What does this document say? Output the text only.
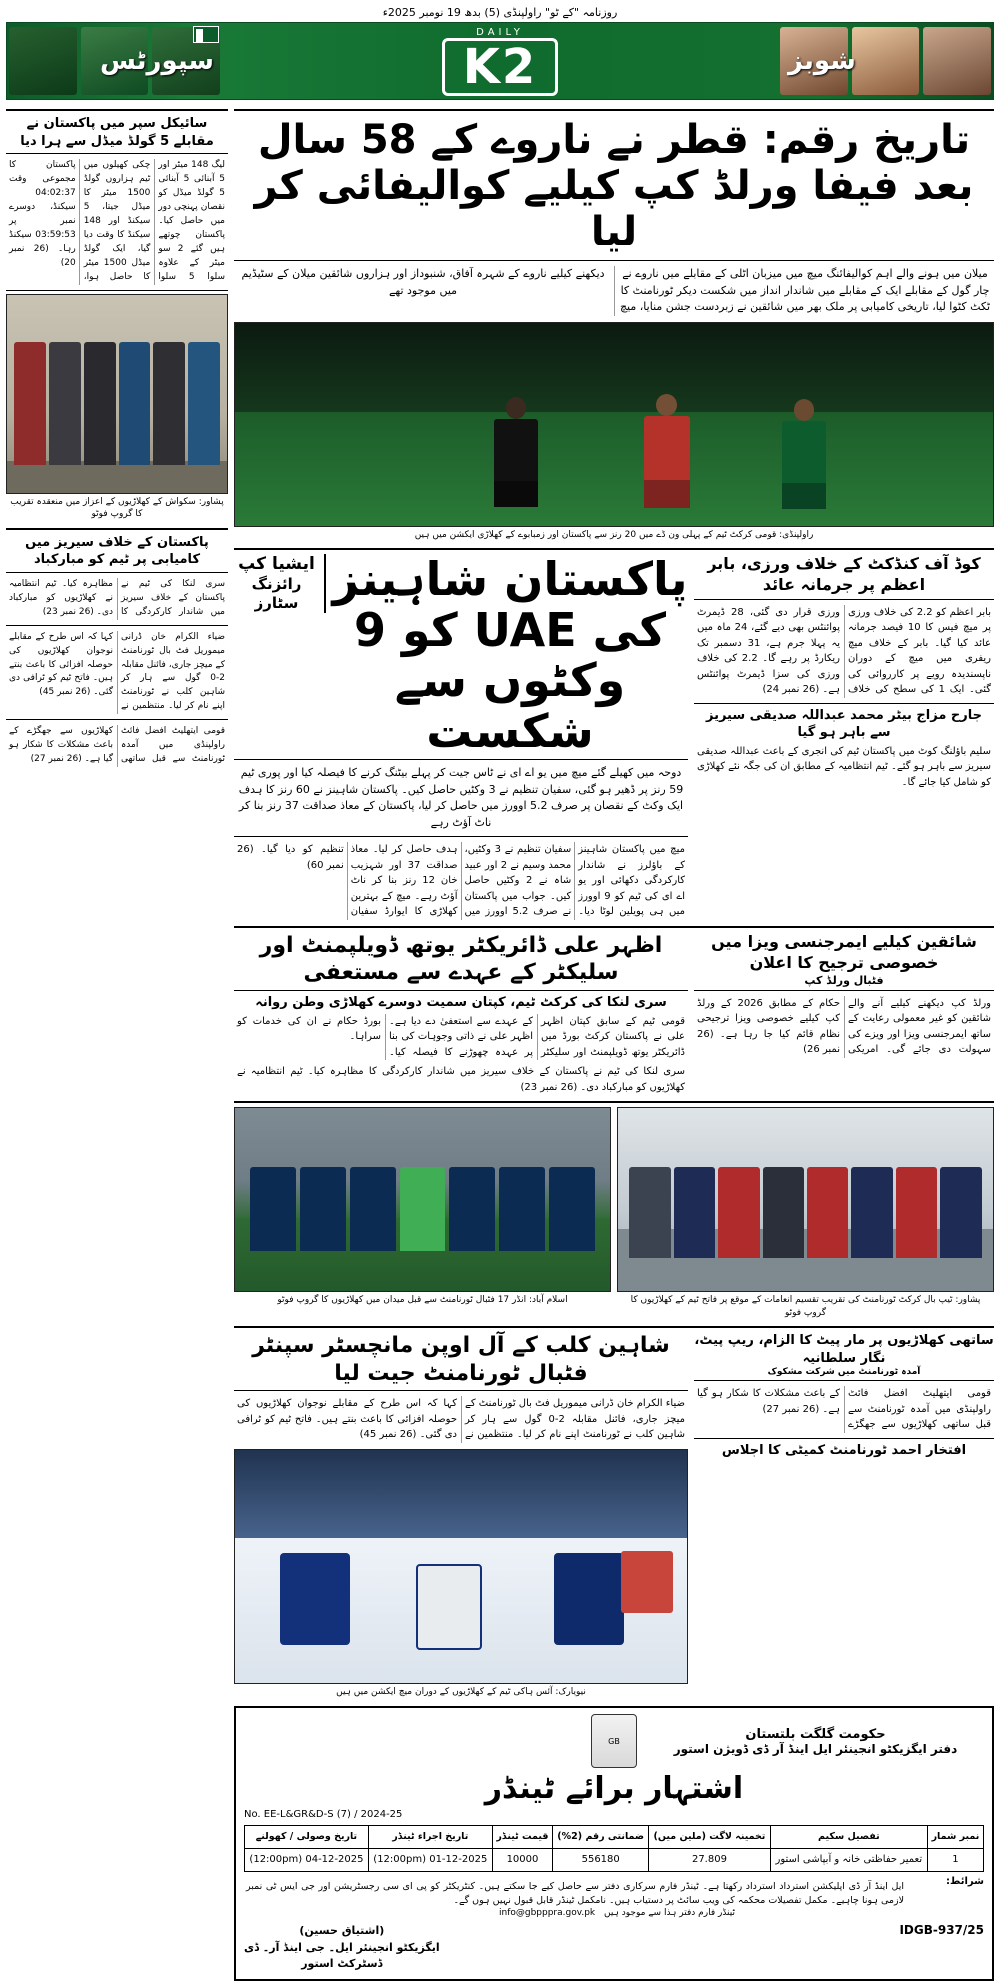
روزنامہ "کے ٹو" راولپنڈی (5) بدھ 19 نومبر 2025ء
شوبز
DAILY
K2
سپورٹس
تاریخ رقم: قطر نے ناروے کے 58 سال بعد فیفا ورلڈ کپ کیلیے کوالیفائی کر لیا
میلان میں ہونے والے اہم کوالیفائنگ میچ میں میزبان اٹلی کے مقابلے میں ناروے نے چار گول کے مقابلے ایک کے مقابلے میں شاندار انداز میں شکست دیکر ٹورنامنٹ کا ٹکٹ کٹوا لیا، تاریخی کامیابی پر ملک بھر میں شائقین نے زبردست جشن منایا، میچ دیکھنے کیلیے ناروے کے شہرہ آفاق، شنبوداز اور ہزاروں شائقین میلان کے سٹیڈیم میں موجود تھے
راولپنڈی: قومی کرکٹ ٹیم کے پہلی ون ڈے میں 20 رنز سے پاکستان اور زمبابوے کے کھلاڑی ایکشن میں ہیں
کوڈ آف کنڈکٹ کے خلاف ورزی، بابر اعظم پر جرمانہ عائد
بابر اعظم کو 2.2 کی خلاف ورزی پر میچ فیس کا 10 فیصد جرمانہ عائد کیا گیا۔ بابر کے خلاف میچ ریفری میں میچ کے دوران ناپسندیدہ رویے پر کارروائی کی گئی۔ ایک 1 کی سطح کی خلاف ورزی قرار دی گئی، 28 ڈیمرٹ پوائنٹس بھی دیے گئے، 24 ماہ میں یہ پہلا جرم ہے، 31 دسمبر تک ریکارڈ پر رہے گا۔ 2.2 کی خلاف ورزی کی سزا ڈیمرٹ پوائنٹس ہے۔ (26 نمبر 24)
جارح مزاج بیٹر محمد عبداللہ صدیقی سیریز سے باہر ہو گیا
سلیم باؤلنگ کوٹ میں پاکستان ٹیم کی انجری کے باعث عبداللہ صدیقی سیریز سے باہر ہو گئے۔ ٹیم انتظامیہ کے مطابق ان کی جگہ نئے کھلاڑی کو شامل کیا جائے گا۔
پاکستان شاہینز کی UAE کو 9 وکٹوں سے شکست
ایشیا کپ
رائزنگ سٹارز
دوحہ میں کھیلے گئے میچ میں یو اے ای نے ٹاس جیت کر پہلے بیٹنگ کرنے کا فیصلہ کیا اور پوری ٹیم 59 رنز پر ڈھیر ہو گئی، سفیان تنظیم نے 3 وکٹیں حاصل کیں۔ پاکستان شاہینز نے 60 رنز کا ہدف ایک وکٹ کے نقصان پر صرف 5.2 اوورز میں حاصل کر لیا، پاکستان کے معاذ صداقت 37 رنز بنا کر ناٹ آؤٹ رہے
میچ میں پاکستان شاہینز کے باؤلرز نے شاندار کارکردگی دکھائی اور یو اے ای کی ٹیم کو 9 اوورز میں ہی پویلین لوٹا دیا۔ سفیان تنظیم نے 3 وکٹیں، محمد وسیم نے 2 اور عبید شاہ نے 2 وکٹیں حاصل کیں۔ جواب میں پاکستان نے صرف 5.2 اوورز میں ہدف حاصل کر لیا۔ معاذ صداقت 37 اور شہزیب خان 12 رنز بنا کر ناٹ آؤٹ رہے۔ میچ کے بہترین کھلاڑی کا ایوارڈ سفیان تنظیم کو دیا گیا۔ (26 نمبر 60)
شائقین کیلیے ایمرجنسی ویزا میں خصوصی ترجیح کا اعلان
فٹبال ورلڈ کپ
ورلڈ کپ دیکھنے کیلیے آنے والے شائقین کو غیر معمولی رعایت کے ساتھ ایمرجنسی ویزا اور ویزے کی سہولت دی جائے گی۔ امریکی حکام کے مطابق 2026 کے ورلڈ کپ کیلیے خصوصی ویزا ترجیحی نظام قائم کیا جا رہا ہے۔ (26 نمبر 26)
اظہر علی ڈائریکٹر یوتھ ڈویلپمنٹ اور سلیکٹر کے عہدے سے مستعفی
سری لنکا کی کرکٹ ٹیم، کپتان سمیت دوسرے کھلاڑی وطن روانہ
قومی ٹیم کے سابق کپتان اظہر علی نے پاکستان کرکٹ بورڈ میں ڈائریکٹر یوتھ ڈویلپمنٹ اور سلیکٹر کے عہدے سے استعفیٰ دے دیا ہے۔ اظہر علی نے ذاتی وجوہات کی بنا پر عہدہ چھوڑنے کا فیصلہ کیا۔ بورڈ حکام نے ان کی خدمات کو سراہا۔
سری لنکا کی ٹیم نے پاکستان کے خلاف سیریز میں شاندار کارکردگی کا مظاہرہ کیا۔ ٹیم انتظامیہ نے کھلاڑیوں کو مبارکباد دی۔ (26 نمبر 23)
پشاور: ٹیپ بال کرکٹ ٹورنامنٹ کی تقریب تقسیم انعامات کے موقع پر فاتح ٹیم کے کھلاڑیوں کا گروپ فوٹو
اسلام آباد: انڈر 17 فٹبال ٹورنامنٹ سے قبل میدان میں کھلاڑیوں کا گروپ فوٹو
ساتھی کھلاڑیوں پر مار پیٹ کا الزام، ریپ پیٹ، نگار سلطانیہ
آمدہ ٹورنامنٹ میں شرکت مشکوک
قومی ایتھلیٹ افضل فائٹ راولپنڈی میں آمدہ ٹورنامنٹ سے قبل ساتھی کھلاڑیوں سے جھگڑے کے باعث مشکلات کا شکار ہو گیا ہے۔ (26 نمبر 27)
افتخار احمد ٹورنامنٹ کمیٹی کا اجلاس
شاہین کلب کے آل اوپن مانچسٹر سپنٹر فٹبال ٹورنامنٹ جیت لیا
ضیاء الکرام خان ڈرانی میموریل فٹ بال ٹورنامنٹ کے میچز جاری، فائنل مقابلہ 2-0 گول سے ہار کر شاہین کلب نے ٹورنامنٹ اپنے نام کر لیا۔ منتظمین نے کہا کہ اس طرح کے مقابلے نوجوان کھلاڑیوں کی حوصلہ افزائی کا باعث بنتے ہیں۔ فاتح ٹیم کو ٹرافی دی گئی۔ (26 نمبر 45)
نیویارک: آئس ہاکی ٹیم کے کھلاڑیوں کے دوران میچ ایکشن میں ہیں
حکومت گلگت بلتستان
دفتر ایگزیکٹو انجینئر ایل اینڈ آر ڈی ڈویژن استور
GB
اشتہار برائے ٹینڈر
No. EE-L&GR&D-S (7) / 2024-25
نمبر شمار	تفصیل سکیم	تخمینہ لاگت (ملین میں)	ضمانتی رقم (2%)	قیمت ٹینڈر	تاریخ اجراء ٹینڈر	تاریخ وصولی / کھولنے
1	تعمیر حفاظتی خانہ و آبپاشی استور	27.809	556180	10000	01-12-2025 (12:00pm)	04-12-2025 (12:00pm)
شرائط:
ایل اینڈ آر ڈی اپلیکشن استرداد استرداد رکھتا ہے۔ ٹینڈر فارم سرکاری دفتر سے حاصل کیے جا سکتے ہیں۔ کنٹریکٹر کو پی ای سی رجسٹریشن اور جی ایس ٹی نمبر لازمی ہونا چاہیے۔ مکمل تفصیلات محکمہ کی ویب سائٹ پر دستیاب ہیں۔ نامکمل ٹینڈر قابل قبول نہیں ہوں گے۔
ٹینڈر فارم دفتر ہذا سے موجود ہیں info@gbpppra.gov.pk
IDGB-937/25
(اشتیاق حسین)
ایگزیکٹو انجینئر ایل۔ جی اینڈ آر۔ ڈی
ڈسٹرکٹ استور
سائیکل سپر میں پاکستان نے مقابلے 5 گولڈ میڈل سے ہرا دیا
لیگ 148 میٹر اور 5 آبنائی 5 آبنائی 5 گولڈ میڈل کو نقصان پہنچی دور میں حاصل کیا۔ پاکستان چوتھے ہیں گئے 2 سو میٹر کے علاوہ سلوا 5 سلوا چکی کھیلوں میں ٹیم ہزاروں گولڈ 1500 میٹر کا میڈل جیتا، 5 سیکنڈ اور 148 سیکنڈ کا وقت دیا گیا، ایک گولڈ میڈل 1500 میٹر کا حاصل ہوا، پاکستان کا مجموعی وقت 04:02:37 سیکنڈ، دوسرے نمبر پر 03:59:53 سیکنڈ رہا۔ (26 نمبر 20)
پشاور: سکواش کے کھلاڑیوں کے اعزاز میں منعقدہ تقریب کا گروپ فوٹو
پاکستان کے خلاف سیریز میں کامیابی پر ٹیم کو مبارکباد
سری لنکا کی ٹیم نے پاکستان کے خلاف سیریز میں شاندار کارکردگی کا مظاہرہ کیا۔ ٹیم انتظامیہ نے کھلاڑیوں کو مبارکباد دی۔ (26 نمبر 23)
ضیاء الکرام خان ڈرانی میموریل فٹ بال ٹورنامنٹ کے میچز جاری، فائنل مقابلہ 2-0 گول سے ہار کر شاہین کلب نے ٹورنامنٹ اپنے نام کر لیا۔ منتظمین نے کہا کہ اس طرح کے مقابلے نوجوان کھلاڑیوں کی حوصلہ افزائی کا باعث بنتے ہیں۔ فاتح ٹیم کو ٹرافی دی گئی۔ (26 نمبر 45)
قومی ایتھلیٹ افضل فائٹ راولپنڈی میں آمدہ ٹورنامنٹ سے قبل ساتھی کھلاڑیوں سے جھگڑے کے باعث مشکلات کا شکار ہو گیا ہے۔ (26 نمبر 27)
